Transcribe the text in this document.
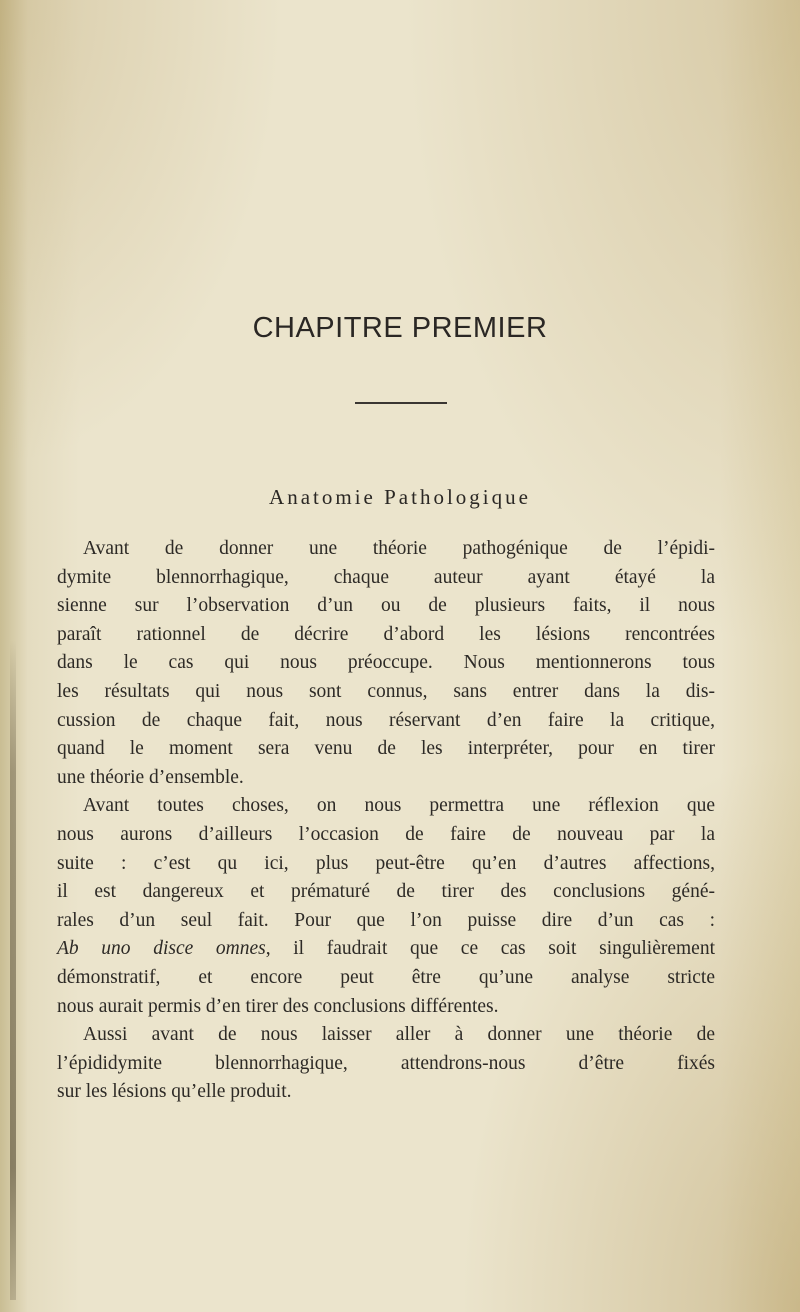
CHAPITRE PREMIER
Anatomie Pathologique
Avant de donner une théorie pathogénique de l’épidi-
dymite blennorrhagique, chaque auteur ayant étayé la
sienne sur l’observation d’un ou de plusieurs faits, il nous
paraît rationnel de décrire d’abord les lésions rencontrées
dans le cas qui nous préoccupe. Nous mentionnerons tous
les résultats qui nous sont connus, sans entrer dans la dis-
cussion de chaque fait, nous réservant d’en faire la critique,
quand le moment sera venu de les interpréter, pour en tirer
une théorie d’ensemble.
Avant toutes choses, on nous permettra une réflexion que
nous aurons d’ailleurs l’occasion de faire de nouveau par la
suite : c’est qu ici, plus peut-être qu’en d’autres affections,
il est dangereux et prématuré de tirer des conclusions géné-
rales d’un seul fait. Pour que l’on puisse dire d’un cas :
Ab uno disce omnes, il faudrait que ce cas soit singulièrement
démonstratif, et encore peut être qu’une analyse stricte
nous aurait permis d’en tirer des conclusions différentes.
Aussi avant de nous laisser aller à donner une théorie de
l’épididymite blennorrhagique, attendrons-nous d’être fixés
sur les lésions qu’elle produit.
